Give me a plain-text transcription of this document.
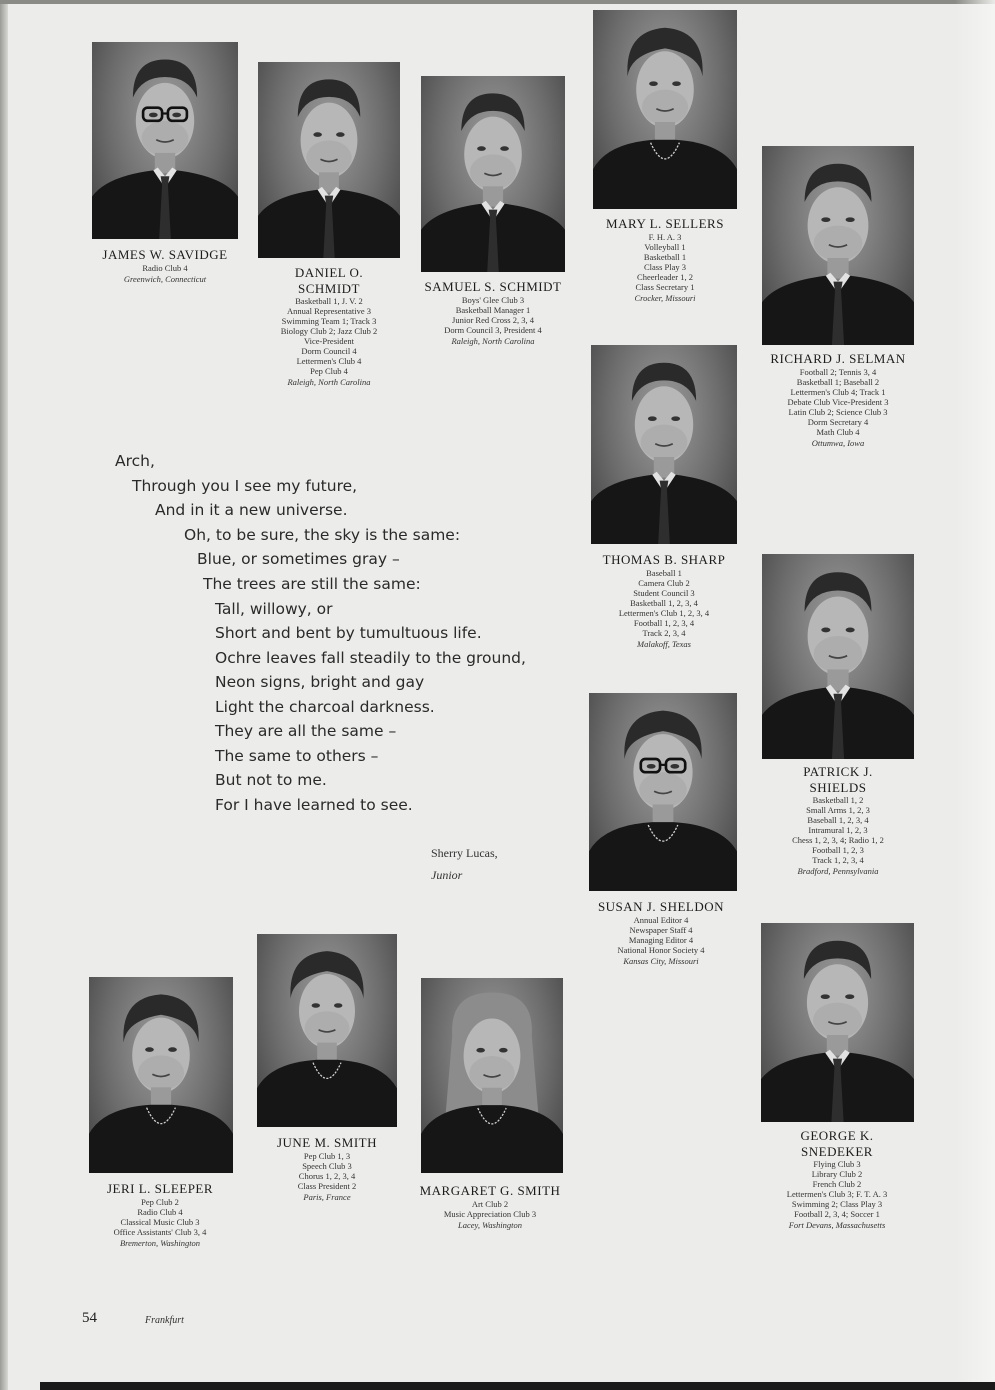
JAMES W. SAVIDGE
Radio Club 4
Greenwich, Connecticut	DANIEL O.
SCHMIDT
Basketball 1, J. V. 2
Annual Representative 3
Swimming Team 1; Track 3
Biology Club 2; Jazz Club 2
Vice-President
Dorm Council 4
Lettermen's Club 4
Pep Club 4
Raleigh, North Carolina
SAMUEL S. SCHMIDT
Boys' Glee Club 3
Basketball Manager 1
Junior Red Cross 2, 3, 4
Dorm Council 3, President 4
Raleigh, North Carolina
MARY L. SELLERS
F. H. A. 3
Volleyball 1
Basketball 1
Class Play 3
Cheerleader 1, 2
Class Secretary 1
Crocker, Missouri
RICHARD J. SELMAN
Football 2; Tennis 3, 4
Basketball 1; Baseball 2
Lettermen's Club 4; Track 1
Debate Club Vice-President 3
Latin Club 2; Science Club 3
Dorm Secretary 4
Math Club 4
Ottumwa, Iowa
THOMAS B. SHARP
Baseball 1
Camera Club 2
Student Council 3
Basketball 1, 2, 3, 4
Lettermen's Club 1, 2, 3, 4
Football 1, 2, 3, 4
Track 2, 3, 4
Malakoff, Texas
PATRICK J.
SHIELDS
Basketball 1, 2
Small Arms 1, 2, 3
Baseball 1, 2, 3, 4
Intramural 1, 2, 3
Chess 1, 2, 3, 4; Radio 1, 2
Football 1, 2, 3
Track 1, 2, 3, 4
Bradford, Pennsylvania
SUSAN J. SHELDON
Annual Editor 4
Newspaper Staff 4
Managing Editor 4
National Honor Society 4
Kansas City, Missouri
JERI L. SLEEPER
Pep Club 2
Radio Club 4
Classical Music Club 3
Office Assistants' Club 3, 4
Bremerton, Washington
JUNE M. SMITH
Pep Club 1, 3
Speech Club 3
Chorus 1, 2, 3, 4
Class President 2
Paris, France	MARGARET G. SMITH
Art Club 2
Music Appreciation Club 3
Lacey, Washington
GEORGE K.
SNEDEKER
Flying Club 3
Library Club 2
French Club 2
Lettermen's Club 3; F. T. A. 3
Swimming 2; Class Play 3
Football 2, 3, 4; Soccer 1
Fort Devans, Massachusetts
Arch,
Through you I see my future,
And in it a new universe.
Oh, to be sure, the sky is the same:
Blue, or sometimes gray –
The trees are still the same:
Tall, willowy, or
Short and bent by tumultuous life.
Ochre leaves fall steadily to the ground,
Neon signs, bright and gay
Light the charcoal darkness.
They are all the same –
The same to others –
But not to me.
For I have learned to see.
Sherry Lucas,
Junior
54	Frankfurt
